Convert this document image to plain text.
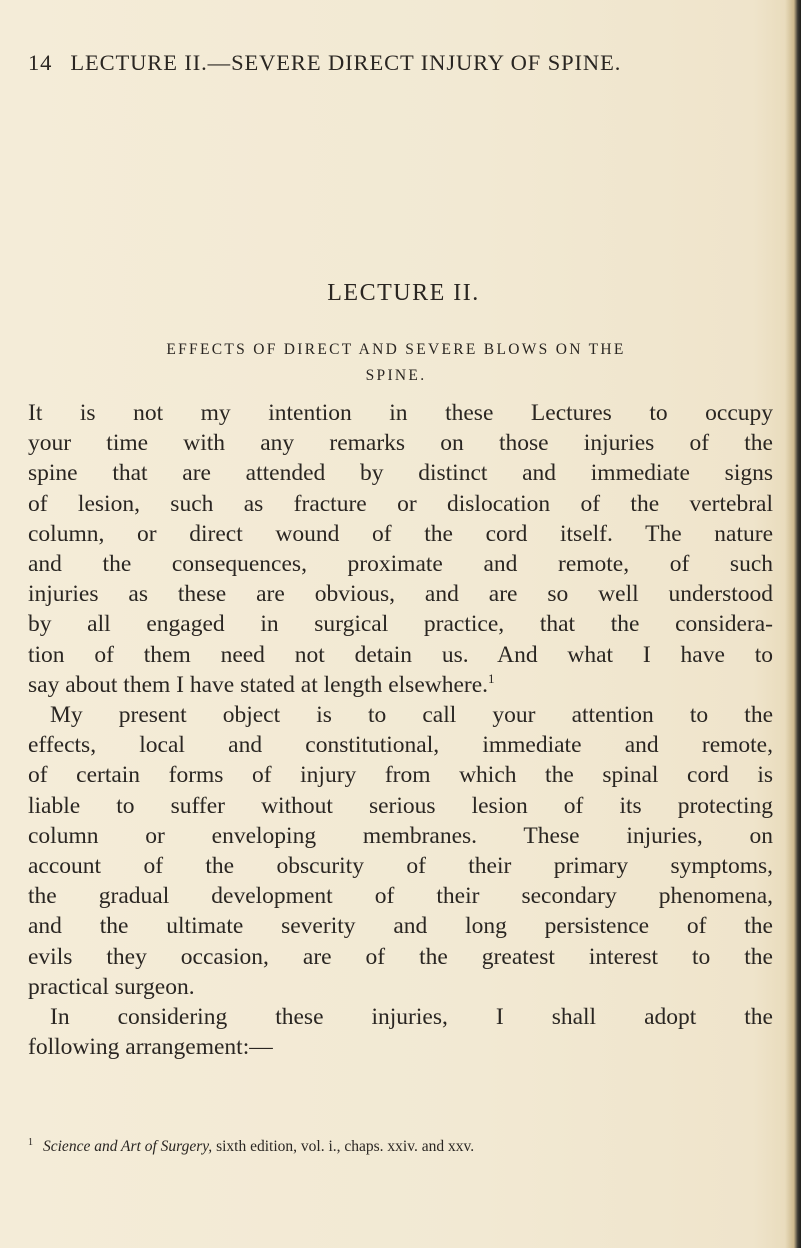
14 LECTURE II.—SEVERE DIRECT INJURY OF SPINE.
LECTURE II.
EFFECTS OF DIRECT AND SEVERE BLOWS ON THE
SPINE.
It is not my intention in these Lectures to occupy
your time with any remarks on those injuries of the
spine that are attended by distinct and immediate signs
of lesion, such as fracture or dislocation of the vertebral
column, or direct wound of the cord itself. The nature
and the consequences, proximate and remote, of such
injuries as these are obvious, and are so well understood
by all engaged in surgical practice, that the considera-
tion of them need not detain us. And what I have to
say about them I have stated at length elsewhere.$^1$
My present object is to call your attention to the
effects, local and constitutional, immediate and remote,
of certain forms of injury from which the spinal cord is
liable to suffer without serious lesion of its protecting
column or enveloping membranes. These injuries, on
account of the obscurity of their primary symptoms,
the gradual development of their secondary phenomena,
and the ultimate severity and long persistence of the
evils they occasion, are of the greatest interest to the
practical surgeon.
In considering these injuries, I shall adopt the
following arrangement:—
$^1$ Science and Art of Surgery, sixth edition, vol. i., chaps. xxiv. and xxv.
